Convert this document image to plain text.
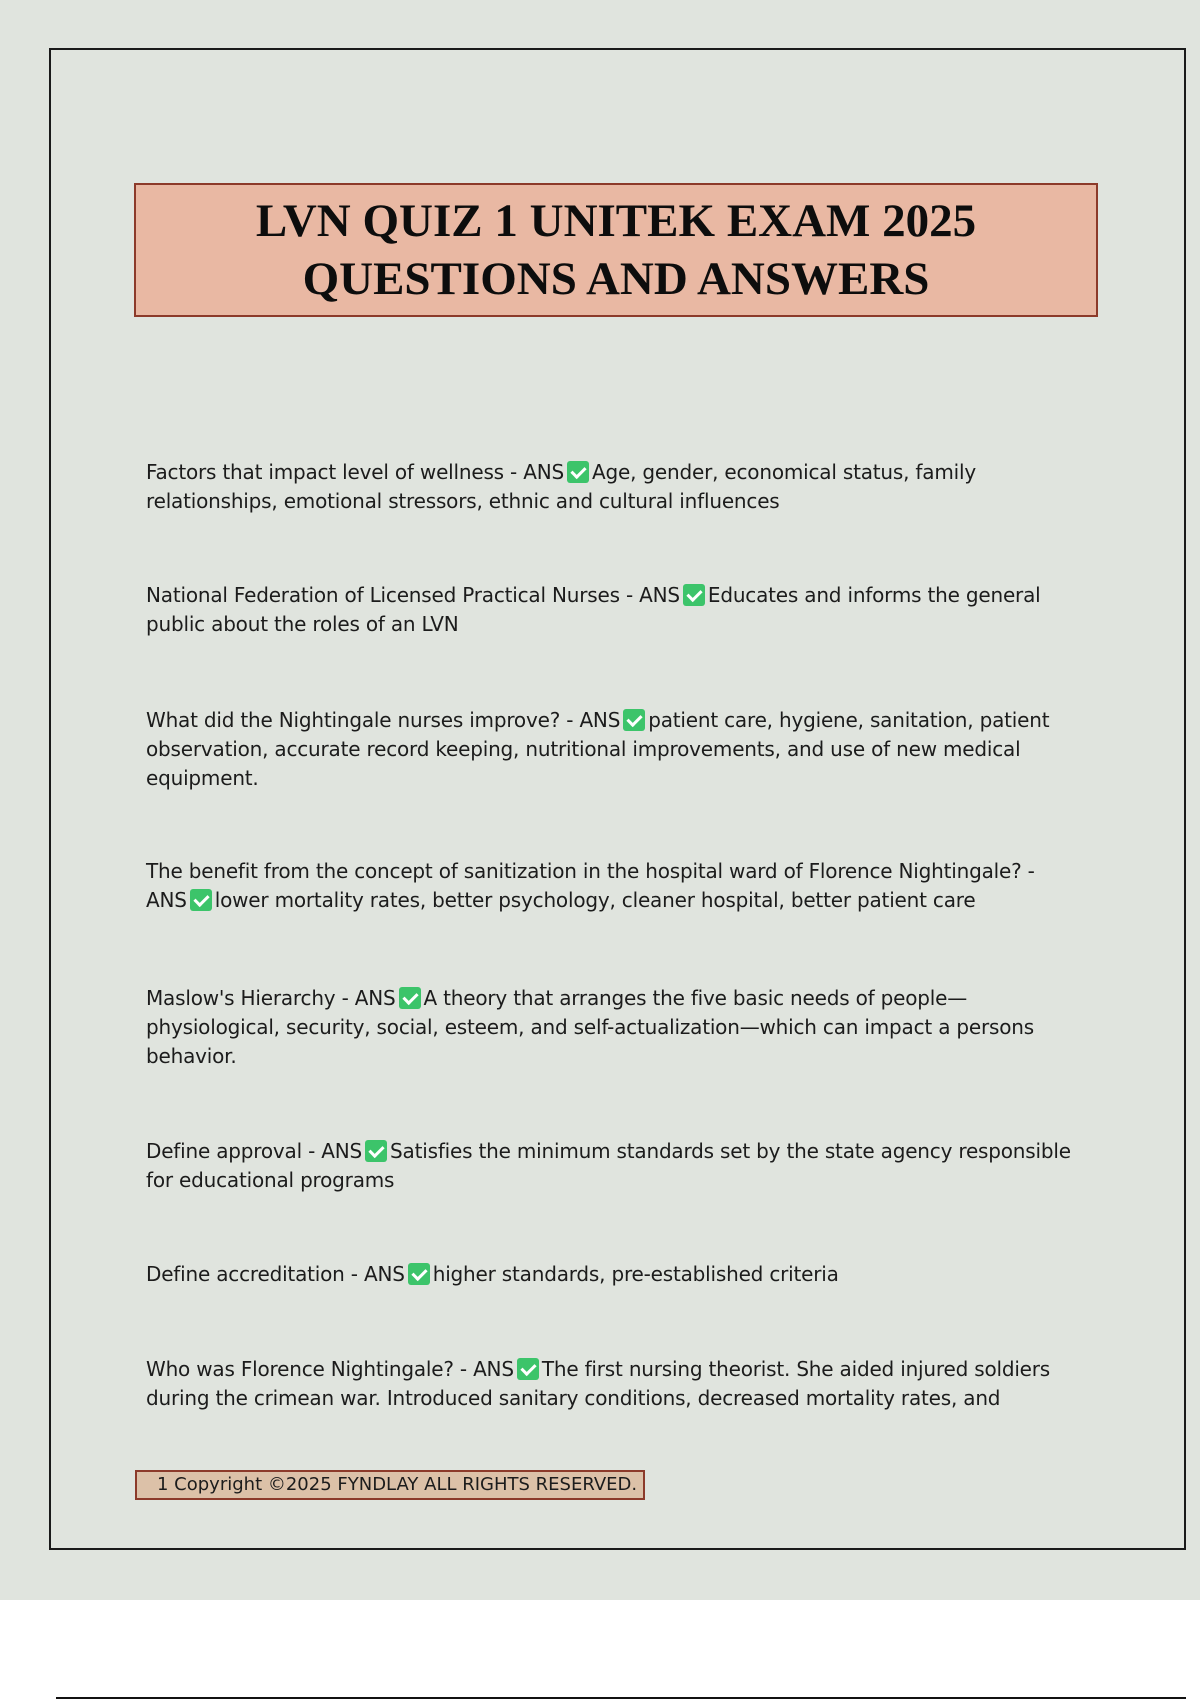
LVN QUIZ 1 UNITEK EXAM 2025
QUESTIONS AND ANSWERS
Factors that impact level of wellness - ANS Age, gender, economical status, family relationships, emotional stressors, ethnic and cultural influences
National Federation of Licensed Practical Nurses - ANS Educates and informs the general public about the roles of an LVN
What did the Nightingale nurses improve? - ANS patient care, hygiene, sanitation, patient observation, accurate record keeping, nutritional improvements, and use of new medical equipment.
The benefit from the concept of sanitization in the hospital ward of Florence Nightingale? - ANS lower mortality rates, better psychology, cleaner hospital, better patient care
Maslow's Hierarchy - ANS A theory that arranges the five basic needs of people—physiological, security, social, esteem, and self-actualization—which can impact a persons behavior.
Define approval - ANS Satisfies the minimum standards set by the state agency responsible for educational programs
Define accreditation - ANS higher standards, pre-established criteria
Who was Florence Nightingale? - ANS The first nursing theorist. She aided injured soldiers during the crimean war. Introduced sanitary conditions, decreased mortality rates, and
1 Copyright ©2025 FYNDLAY ALL RIGHTS RESERVED.
